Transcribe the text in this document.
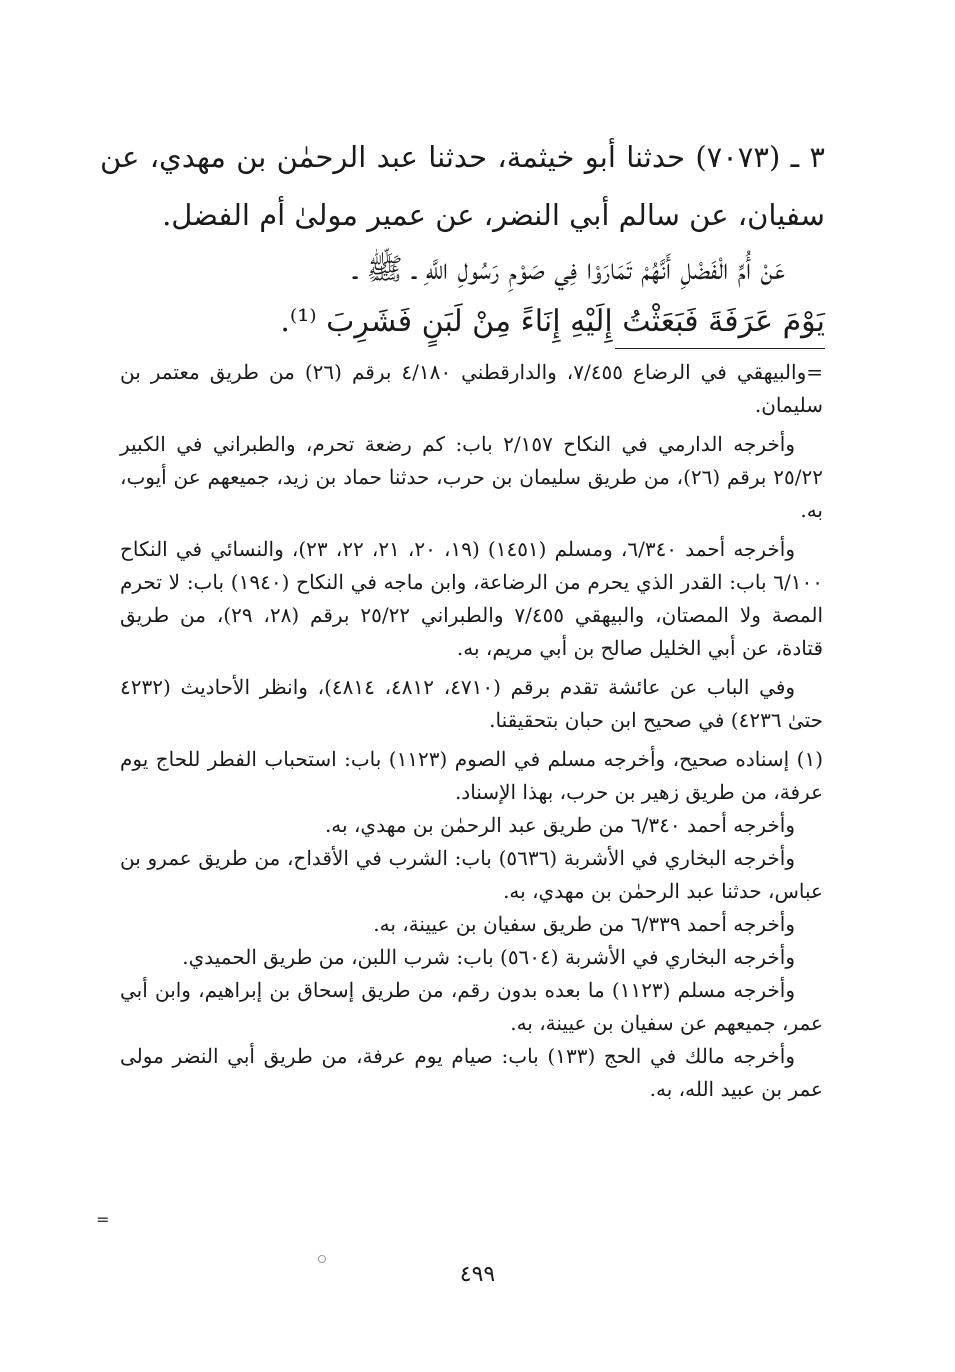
٣ ـ (٧٠٧٣) حدثنا أبو خيثمة، حدثنا عبد الرحمٰن بن مهدي، عن سفيان، عن سالم أبي النضر، عن عمير مولىٰ أم الفضل.

عَنْ أُمِّ الْفَضْلِ أَنَّهُمْ تَمَارَوْا فِي صَوْمِ رَسُولِ اللَّهِ ـ ﷺ ـ
يَوْمَ عَرَفَةَ فَبَعَثْتُ إِلَيْهِ إِنَاءً مِنْ لَبَنٍ فَشَرِبَ ⁽¹⁾.

=والبيهقي في الرضاع ٧/٤٥٥، والدارقطني ٤/١٨٠ برقم (٢٦) من طريق معتمر بن سليمان.

وأخرجه الدارمي في النكاح ٢/١٥٧ باب: كم رضعة تحرم، والطبراني في الكبير ٢٥/٢٢ برقم (٢٦)، من طريق سليمان بن حرب، حدثنا حماد بن زيد، جميعهم عن أيوب، به.

وأخرجه أحمد ٦/٣٤٠، ومسلم (١٤٥١) (١٩، ٢٠، ٢١، ٢٢، ٢٣)، والنسائي في النكاح ٦/١٠٠ باب: القدر الذي يحرم من الرضاعة، وابن ماجه في النكاح (١٩٤٠) باب: لا تحرم المصة ولا المصتان، والبيهقي ٧/٤٥٥ والطبراني ٢٥/٢٢ برقم (٢٨، ٢٩)، من طريق قتادة، عن أبي الخليل صالح بن أبي مريم، به.

وفي الباب عن عائشة تقدم برقم (٤٧١٠، ٤٨١٢، ٤٨١٤)، وانظر الأحاديث (٤٢٣٢ حتىٰ ٤٢٣٦) في صحيح ابن حبان بتحقيقنا.

(١) إسناده صحيح، وأخرجه مسلم في الصوم (١١٢٣) باب: استحباب الفطر للحاج يوم عرفة، من طريق زهير بن حرب، بهذا الإسناد.

وأخرجه أحمد ٦/٣٤٠ من طريق عبد الرحمٰن بن مهدي، به.

وأخرجه البخاري في الأشربة (٥٦٣٦) باب: الشرب في الأقداح، من طريق عمرو بن عباس، حدثنا عبد الرحمٰن بن مهدي، به.

وأخرجه أحمد ٦/٣٣٩ من طريق سفيان بن عيينة، به.

وأخرجه البخاري في الأشربة (٥٦٠٤) باب: شرب اللبن، من طريق الحميدي.

وأخرجه مسلم (١١٢٣) ما بعده بدون رقم، من طريق إسحاق بن إبراهيم، وابن أبي عمر، جميعهم عن سفيان بن عيينة، به.

وأخرجه مالك في الحج (١٣٣) باب: صيام يوم عرفة، من طريق أبي النضر مولى عمر بن عبيد الله، به.

=
٤٩٩
